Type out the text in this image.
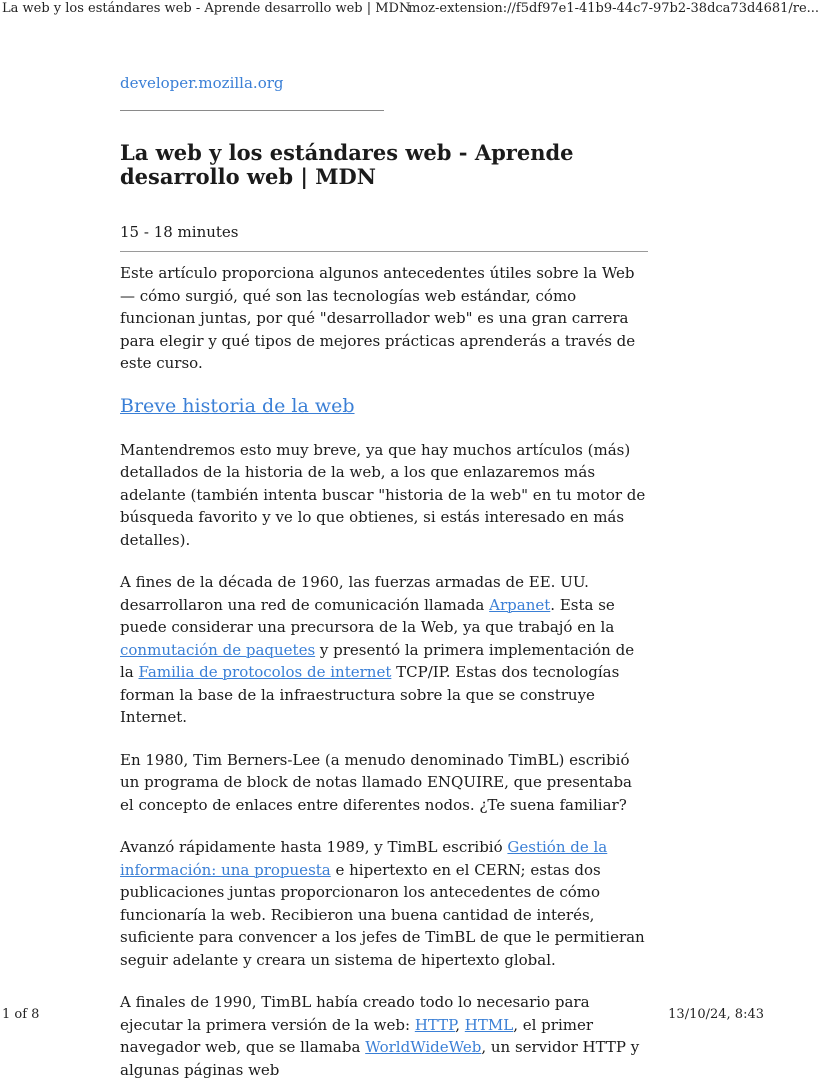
La web y los estándares web - Aprende desarrollo web | MDN
moz-extension://f5df97e1-41b9-44c7-97b2-38dca73d4681/re...
developer.mozilla.org
La web y los estándares web - Aprende desarrollo web | MDN
15 - 18 minutes

Este artículo proporciona algunos antecedentes útiles sobre la Web — cómo surgió, qué son las tecnologías web estándar, cómo funcionan juntas, por qué "desarrollador web" es una gran carrera para elegir y qué tipos de mejores prácticas aprenderás a través de este curso.

Breve historia de la web

Mantendremos esto muy breve, ya que hay muchos artículos (más) detallados de la historia de la web, a los que enlazaremos más adelante (también intenta buscar "historia de la web" en tu motor de búsqueda favorito y ve lo que obtienes, si estás interesado en más detalles).

A fines de la década de 1960, las fuerzas armadas de EE. UU. desarrollaron una red de comunicación llamada Arpanet. Esta se puede considerar una precursora de la Web, ya que trabajó en la conmutación de paquetes y presentó la primera implementación de la Familia de protocolos de internet TCP/IP. Estas dos tecnologías forman la base de la infraestructura sobre la que se construye Internet.

En 1980, Tim Berners-Lee (a menudo denominado TimBL) escribió un programa de block de notas llamado ENQUIRE, que presentaba el concepto de enlaces entre diferentes nodos. ¿Te suena familiar?

Avanzó rápidamente hasta 1989, y TimBL escribió Gestión de la información: una propuesta e hipertexto en el CERN; estas dos publicaciones juntas proporcionaron los antecedentes de cómo funcionaría la web. Recibieron una buena cantidad de interés, suficiente para convencer a los jefes de TimBL de que le permitieran seguir adelante y creara un sistema de hipertexto global.

A finales de 1990, TimBL había creado todo lo necesario para ejecutar la primera versión de la web: HTTP, HTML, el primer navegador web, que se llamaba WorldWideWeb, un servidor HTTP y algunas páginas web

1 of 8	13/10/24, 8:43
